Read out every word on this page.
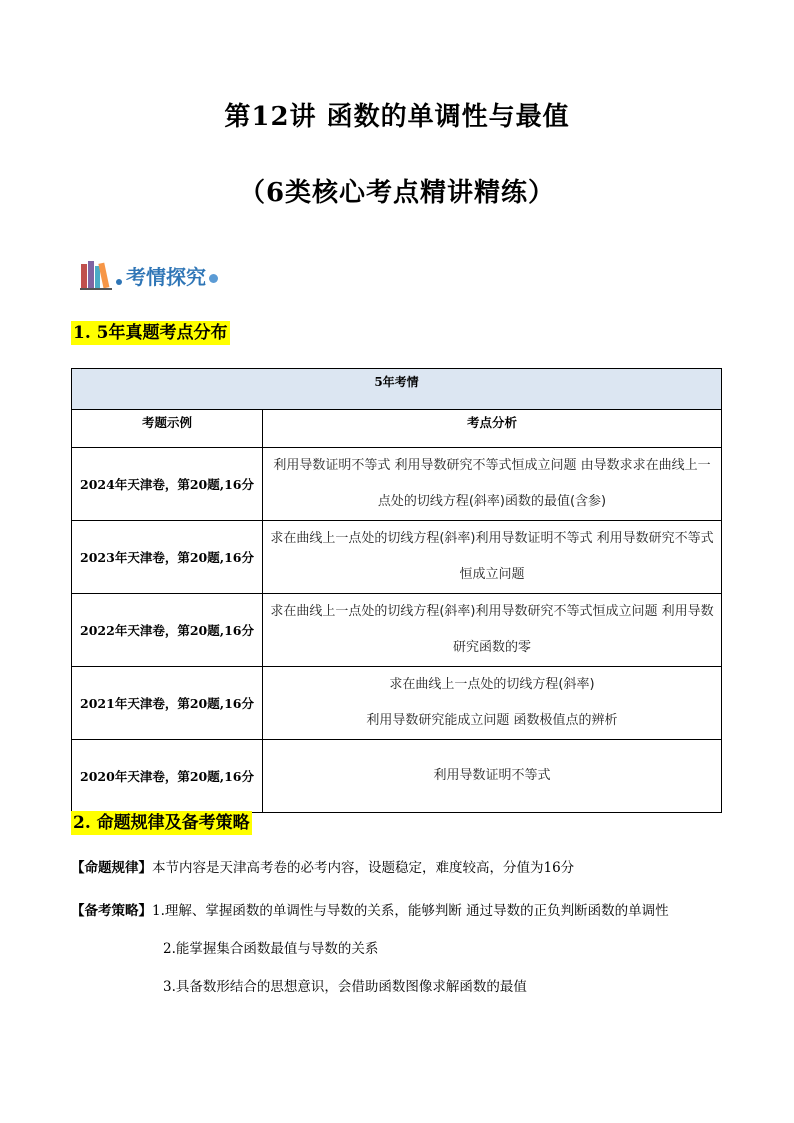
第12讲 函数的单调性与最值
（6类核心考点精讲精练）
考情探究
1. 5年真题考点分布
5年考情	
考题示例	考点分析
2024年天津卷，第20题,16分	利用导数证明不等式 利用导数研究不等式恒成立问题 由导数求求在曲线上一点处的切线方程(斜率)函数的最值(含参)
2023年天津卷，第20题,16分	求在曲线上一点处的切线方程(斜率)利用导数证明不等式 利用导数研究不等式恒成立问题
2022年天津卷，第20题,16分	求在曲线上一点处的切线方程(斜率)利用导数研究不等式恒成立问题 利用导数研究函数的零
2021年天津卷，第20题,16分	求在曲线上一点处的切线方程(斜率)
利用导数研究能成立问题 函数极值点的辨析
2020年天津卷，第20题,16分	利用导数证明不等式
2. 命题规律及备考策略
【命题规律】本节内容是天津高考卷的必考内容，设题稳定，难度较高，分值为16分
【备考策略】1.理解、掌握函数的单调性与导数的关系，能够判断 通过导数的正负判断函数的单调性
2.能掌握集合函数最值与导数的关系
3.具备数形结合的思想意识，会借助函数图像求解函数的最值
